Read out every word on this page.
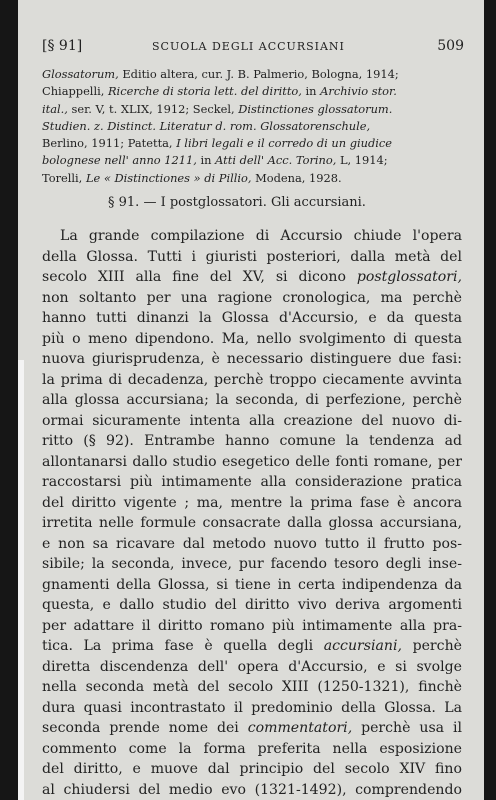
[§ 91]	SCUOLA DEGLI ACCURSIANI	509
Glossatorum, Editio altera, cur. J. B. Palmerio, Bologna, 1914;
Chiappelli, Ricerche di storia lett. del diritto, in Archivio stor.
ital., ser. V, t. XLIX, 1912; Seckel, Distinctiones glossatorum.
Studien. z. Distinct. Literatur d. rom. Glossatorenschule,
Berlino, 1911; Patetta, I libri legali e il corredo di un giudice
bolognese nell' anno 1211, in Atti dell' Acc. Torino, L, 1914;
Torelli, Le « Distinctiones » di Pillio, Modena, 1928.
§ 91. — I postglossatori. Gli accursiani.
La grande compilazione di Accursio chiude l'opera
della Glossa. Tutti i giuristi posteriori, dalla metà del
secolo XIII alla fine del XV, si dicono postglossatori,
non soltanto per una ragione cronologica, ma perchè
hanno tutti dinanzi la Glossa d'Accursio, e da questa
più o meno dipendono. Ma, nello svolgimento di questa
nuova giurisprudenza, è necessario distinguere due fasi:
la prima di decadenza, perchè troppo ciecamente avvinta
alla glossa accursiana; la seconda, di perfezione, perchè
ormai sicuramente intenta alla creazione del nuovo di-
ritto (§ 92). Entrambe hanno comune la tendenza ad
allontanarsi dallo studio esegetico delle fonti romane, per
raccostarsi più intimamente alla considerazione pratica
del diritto vigente ; ma, mentre la prima fase è ancora
irretita nelle formule consacrate dalla glossa accursiana,
e non sa ricavare dal metodo nuovo tutto il frutto pos-
sibile; la seconda, invece, pur facendo tesoro degli inse-
gnamenti della Glossa, si tiene in certa indipendenza da
questa, e dallo studio del diritto vivo deriva argomenti
per adattare il diritto romano più intimamente alla pra-
tica. La prima fase è quella degli accursiani, perchè
diretta discendenza dell' opera d'Accursio, e si svolge
nella seconda metà del secolo XIII (1250-1321), finchè
dura quasi incontrastato il predominio della Glossa. La
seconda prende nome dei commentatori, perchè usa il
commento come la forma preferita nella esposizione
del diritto, e muove dal principio del secolo XIV fino
al chiudersi del medio evo (1321-1492), comprendendo
